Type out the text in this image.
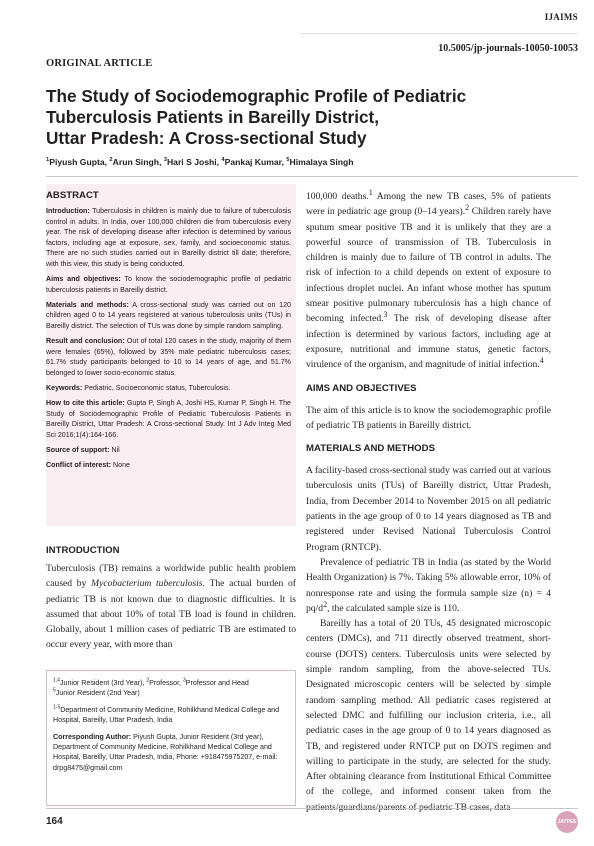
IJAIMS
10.5005/jp-journals-10050-10053
ORIGINAL ARTICLE
The Study of Sociodemographic Profile of Pediatric
Tuberculosis Patients in Bareilly District,
Uttar Pradesh: A Cross-sectional Study
$^1$Piyush Gupta, $^2$Arun Singh, $^3$Hari S Joshi, $^4$Pankaj Kumar, $^5$Himalaya Singh
ABSTRACT

Introduction: Tuberculosis in children is mainly due to failure of tuberculosis control in adults. In India, over 100,000 children die from tuberculosis every year. The risk of developing disease after infection is determined by various factors, including age at exposure, sex, family, and socioeconomic status. There are no such studies carried out in Bareilly district till date; therefore, with this view, this study is being conducted.

Aims and objectives: To know the sociodemographic profile of pediatric tuberculosis patients in Bareilly district.

Materials and methods: A cross-sectional study was carried out on 120 children aged 0 to 14 years registered at various tuberculosis units (TUs) in Bareilly district. The selection of TUs was done by simple random sampling.

Result and conclusion: Out of total 120 cases in the study, majority of them were females (65%), followed by 35% male pediatric tuberculosis cases; 61.7% study participants belonged to 10 to 14 years of age, and 51.7% belonged to lower socio-economic status.

Keywords: Pediatric, Socioeconomic status, Tuberculosis.

How to cite this article: Gupta P, Singh A, Joshi HS, Kumar P, Singh H. The Study of Sociodemographic Profile of Pediatric Tuberculosis Patients in Bareilly District, Uttar Pradesh: A Cross-sectional Study. Int J Adv Integ Med Sci 2016;1(4):164-166.

Source of support: Nil

Conflict of interest: None

INTRODUCTION

Tuberculosis (TB) remains a worldwide public health problem caused by Mycobacterium tuberculosis. The actual burden of pediatric TB is not known due to diagnostic difficulties. It is assumed that about 10% of total TB load is found in children. Globally, about 1 million cases of pediatric TB are estimated to occur every year, with more than

$^{1,4}$Junior Resident (3rd Year), $^2$Professor, $^3$Professor and Head
$^5$Junior Resident (2nd Year)

$^{1-5}$Department of Community Medicine, Rohilkhand Medical College and Hospital, Bareilly, Uttar Pradesh, India

Corresponding Author: Piyush Gupta, Junior Resident (3rd year), Department of Community Medicine, Rohilkhand Medical College and Hospital, Bareilly, Uttar Pradesh, India, Phone: +918475975207, e-mail: drpg8475@gmail.com

100,000 deaths.$^1$ Among the new TB cases, 5% of patients were in pediatric age group (0–14 years).$^2$ Children rarely have sputum smear positive TB and it is unlikely that they are a powerful source of transmission of TB. Tuberculosis in children is mainly due to failure of TB control in adults. The risk of infection to a child depends on extent of exposure to infectious droplet nuclei. An infant whose mother has sputum smear positive pulmonary tuberculosis has a high chance of becoming infected.$^3$ The risk of developing disease after infection is determined by various factors, including age at exposure, nutritional and immune status, genetic factors, virulence of the organism, and magnitude of initial infection.$^4$

AIMS AND OBJECTIVES

The aim of this article is to know the sociodemographic profile of pediatric TB patients in Bareilly district.

MATERIALS AND METHODS

A facility-based cross-sectional study was carried out at various tuberculosis units (TUs) of Bareilly district, Uttar Pradesh, India, from December 2014 to November 2015 on all pediatric patients in the age group of 0 to 14 years diagnosed as TB and registered under Revised National Tuberculosis Control Program (RNTCP).

Prevalence of pediatric TB in India (as stated by the World Health Organization) is 7%. Taking 5% allowable error, 10% of nonresponse rate and using the formula sample size (n) = 4 $pq/d^2$, the calculated sample size is 110.

Bareilly has a total of 20 TUs, 45 designated microscopic centers (DMCs), and 711 directly observed treatment, short-course (DOTS) centers. Tuberculosis units were selected by simple random sampling, from the above-selected TUs. Designated microscopic centers will be selected by simple random sampling method. All pediatric cases registered at selected DMC and fulfilling our inclusion criteria, i.e., all pediatric cases in the age group of 0 to 14 years diagnosed as TB, and registered under RNTCP put on DOTS regimen and willing to participate in the study, are selected for the study. After obtaining clearance from Institutional Ethical Committee of the college, and informed consent taken from the

164	JAYPEE
